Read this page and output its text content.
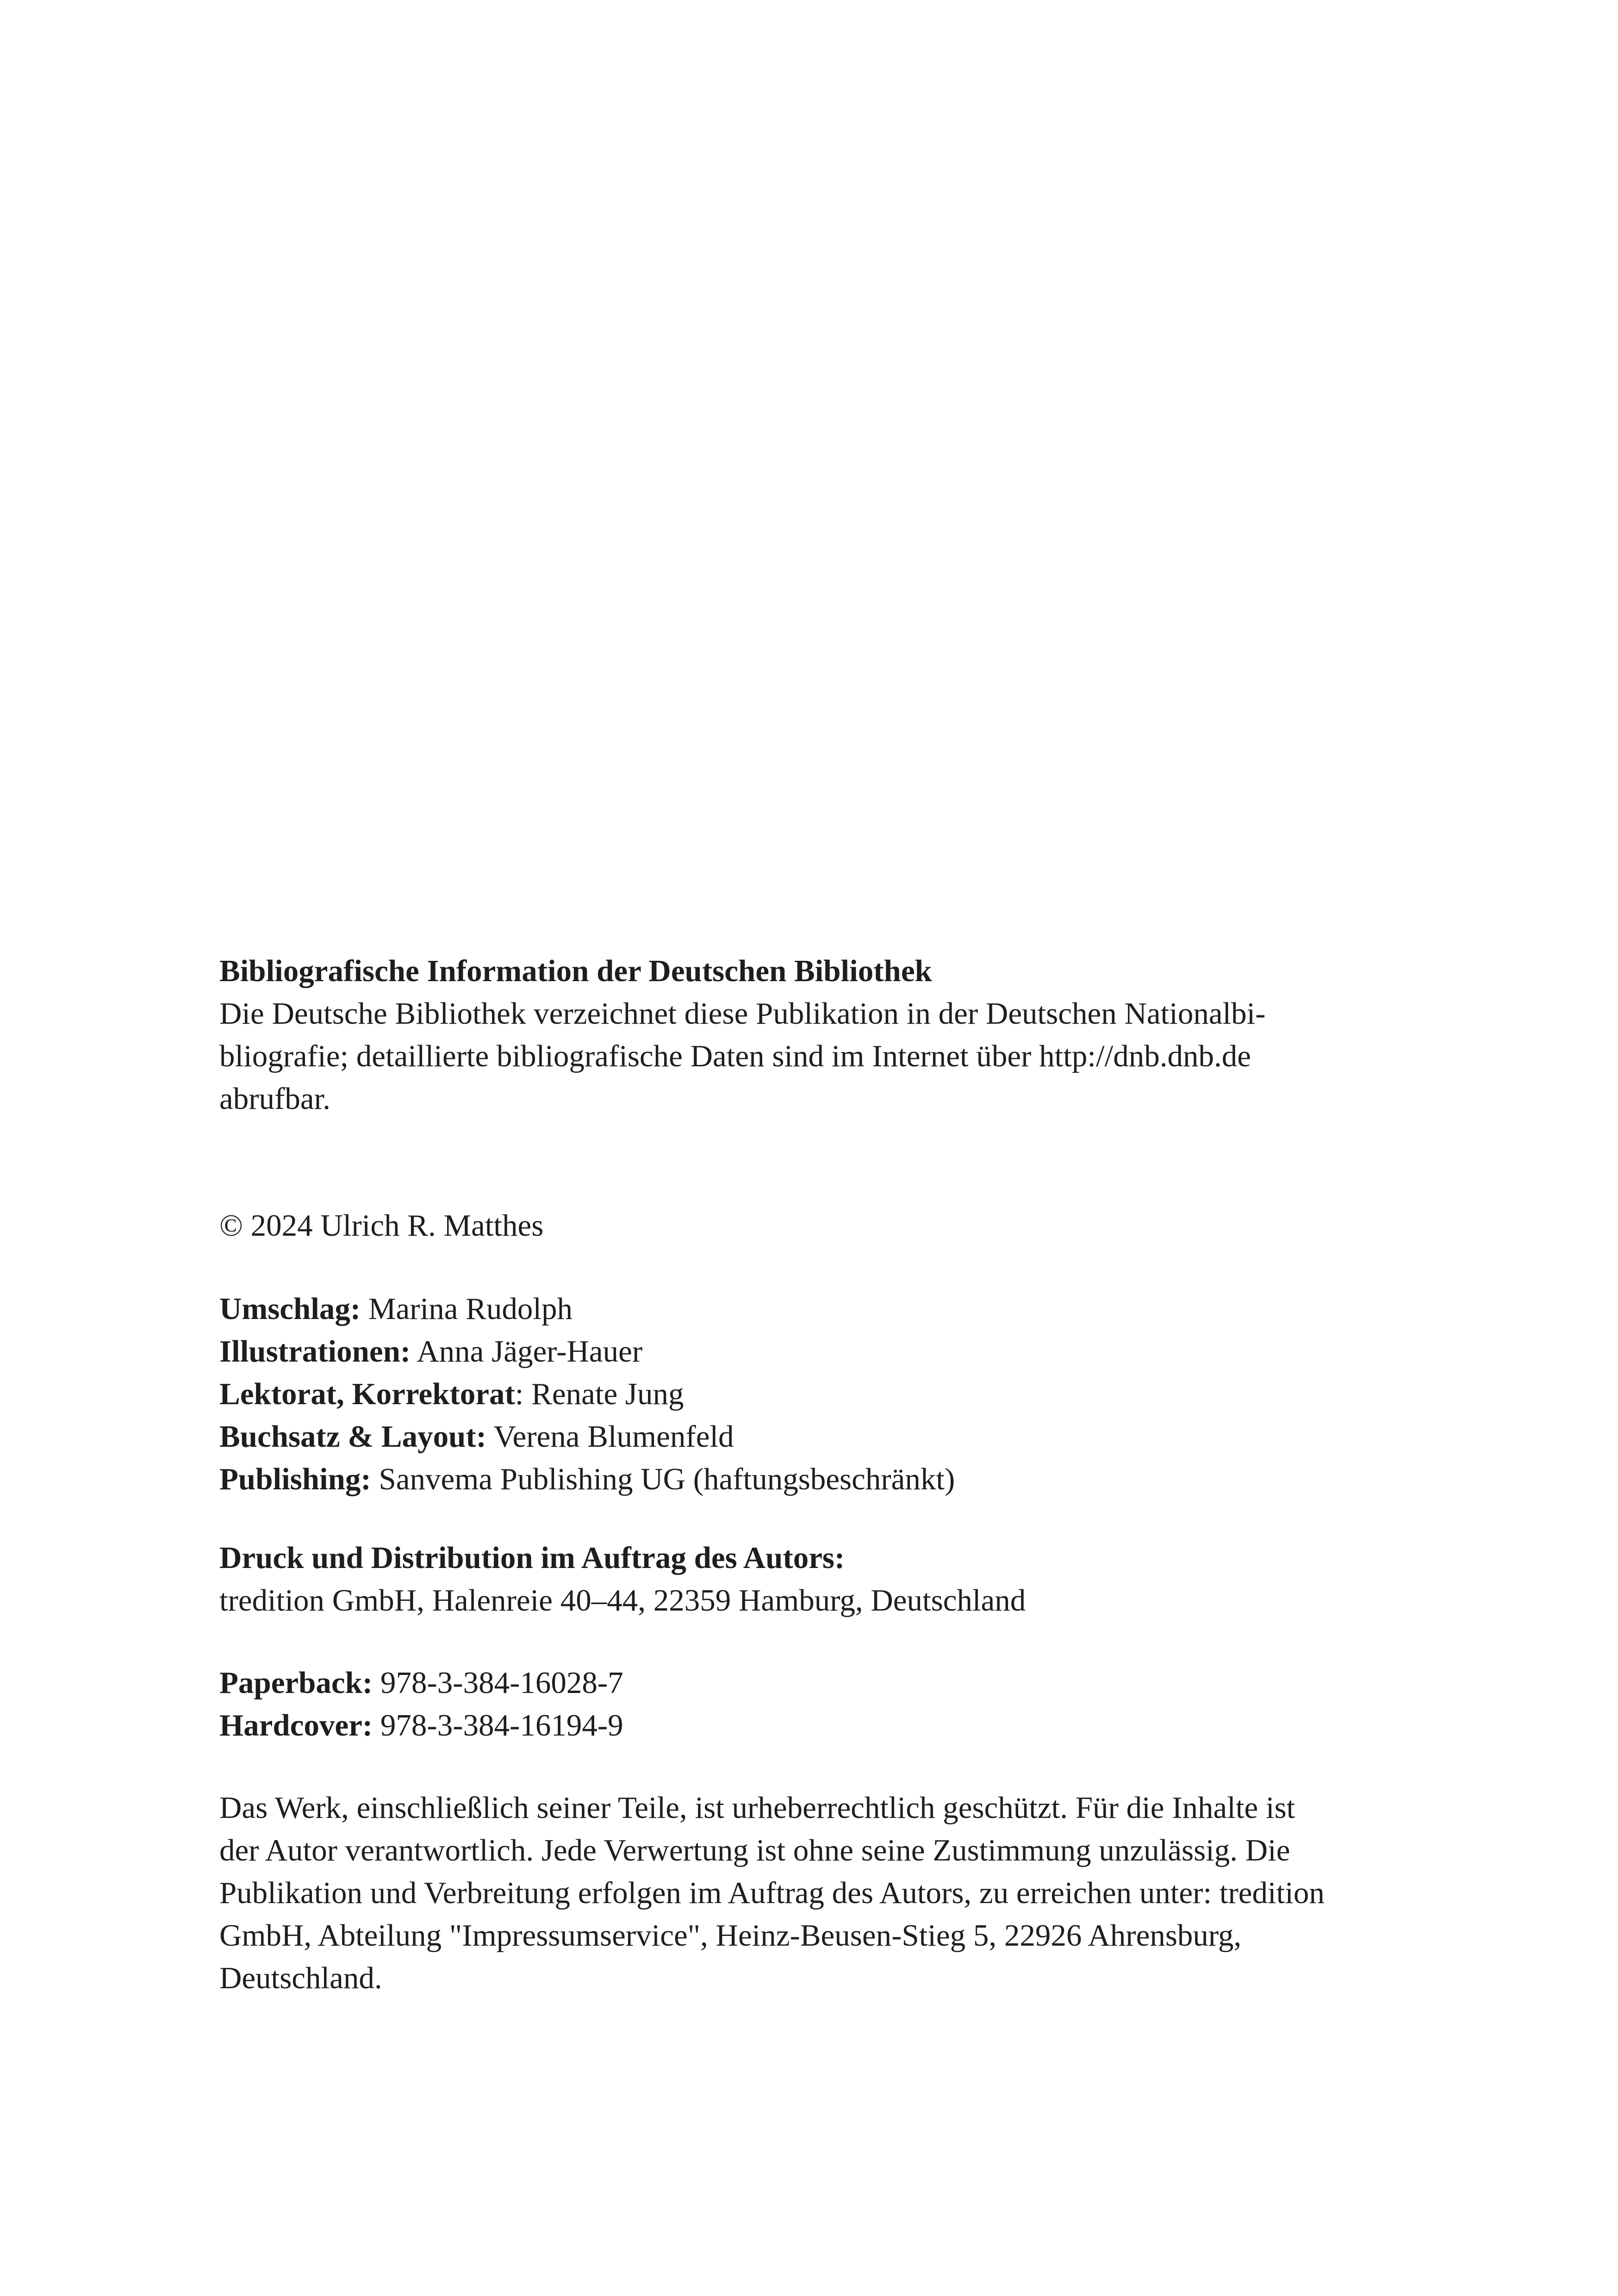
Bibliografische Information der Deutschen Bibliothek
Die Deutsche Bibliothek verzeichnet diese Publikation in der Deutschen Nationalbi-
bliografie; detaillierte bibliografische Daten sind im Internet über http://dnb.dnb.de
abrufbar.
© 2024 Ulrich R. Matthes
Umschlag: Marina Rudolph
Illustrationen: Anna Jäger-Hauer
Lektorat, Korrektorat: Renate Jung
Buchsatz & Layout: Verena Blumenfeld
Publishing: Sanvema Publishing UG (haftungsbeschränkt)
Druck und Distribution im Auftrag des Autors:
tredition GmbH, Halenreie 40–44, 22359 Hamburg, Deutschland
Paperback: 978-3-384-16028-7
Hardcover: 978-3-384-16194-9
Das Werk, einschließlich seiner Teile, ist urheberrechtlich geschützt. Für die Inhalte ist
der Autor verantwortlich. Jede Verwertung ist ohne seine Zustimmung unzulässig. Die
Publikation und Verbreitung erfolgen im Auftrag des Autors, zu erreichen unter: tredition
GmbH, Abteilung "Impressumservice", Heinz-Beusen-Stieg 5, 22926 Ahrensburg,
Deutschland.
